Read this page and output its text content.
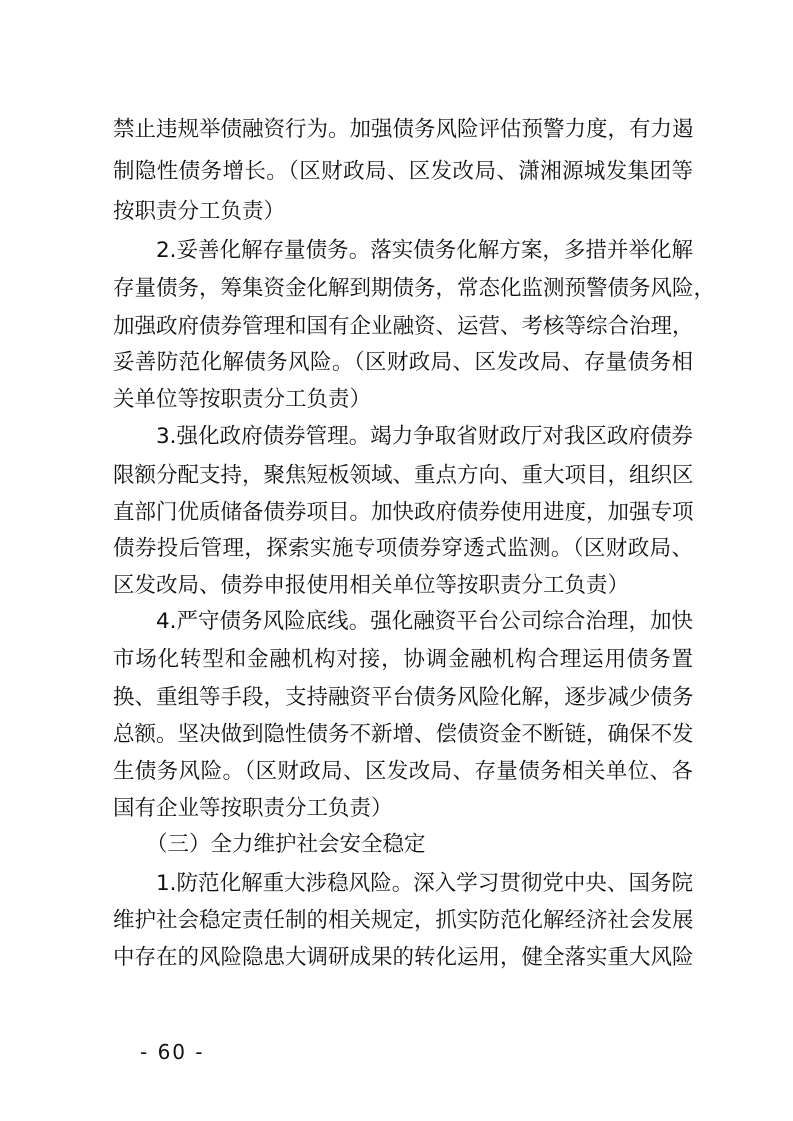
禁止违规举债融资行为。加强债务风险评估预警力度，有力遏
制隐性债务增长。（区财政局、区发改局、潇湘源城发集团等
按职责分工负责）
2.妥善化解存量债务。落实债务化解方案，多措并举化解
存量债务，筹集资金化解到期债务，常态化监测预警债务风险，
加强政府债券管理和国有企业融资、运营、考核等综合治理，
妥善防范化解债务风险。（区财政局、区发改局、存量债务相
关单位等按职责分工负责）
3.强化政府债券管理。竭力争取省财政厅对我区政府债券
限额分配支持，聚焦短板领域、重点方向、重大项目，组织区
直部门优质储备债券项目。加快政府债券使用进度，加强专项
债券投后管理，探索实施专项债券穿透式监测。（区财政局、
区发改局、债券申报使用相关单位等按职责分工负责）
4.严守债务风险底线。强化融资平台公司综合治理，加快
市场化转型和金融机构对接，协调金融机构合理运用债务置
换、重组等手段，支持融资平台债务风险化解，逐步减少债务
总额。坚决做到隐性债务不新增、偿债资金不断链，确保不发
生债务风险。（区财政局、区发改局、存量债务相关单位、各
国有企业等按职责分工负责）
（三）全力维护社会安全稳定
1.防范化解重大涉稳风险。深入学习贯彻党中央、国务院
维护社会稳定责任制的相关规定，抓实防范化解经济社会发展
中存在的风险隐患大调研成果的转化运用，健全落实重大风险
- 60 -
